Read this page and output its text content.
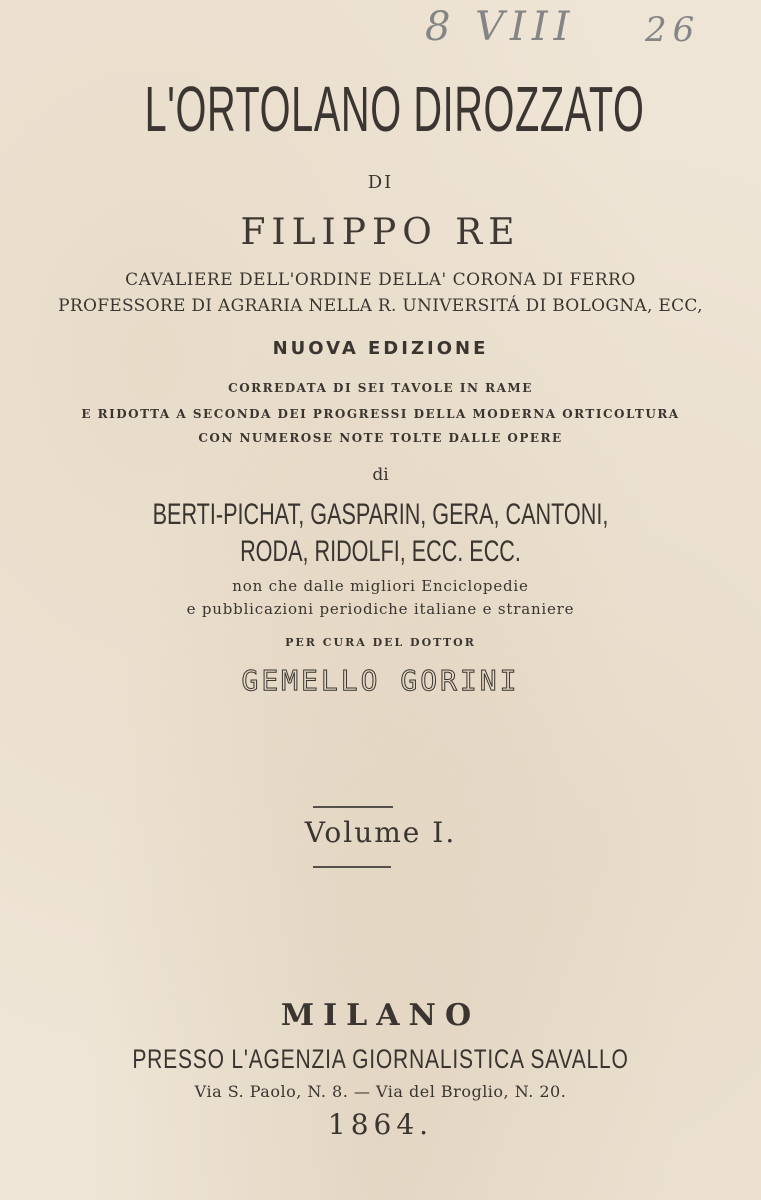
8 VIII 26
L'ORTOLANO DIROZZATO
DI
FILIPPO RE
CAVALIERE DELL'ORDINE DELLA' CORONA DI FERRO
PROFESSORE DI AGRARIA NELLA R. UNIVERSITÁ DI BOLOGNA, ECC,
NUOVA EDIZIONE
CORREDATA DI SEI TAVOLE IN RAME
E RIDOTTA A SECONDA DEI PROGRESSI DELLA MODERNA ORTICOLTURA
CON NUMEROSE NOTE TOLTE DALLE OPERE
di
BERTI-PICHAT, GASPARIN, GERA, CANTONI,
RODA, RIDOLFI, ECC. ECC.
non che dalle migliori Enciclopedie
e pubblicazioni periodiche italiane e straniere
PER CURA DEL DOTTOR
GEMELLO GORINI
Volume I.
MILANO
PRESSO L'AGENZIA GIORNALISTICA SAVALLO
Via S. Paolo, N. 8. — Via del Broglio, N. 20.
1864.
